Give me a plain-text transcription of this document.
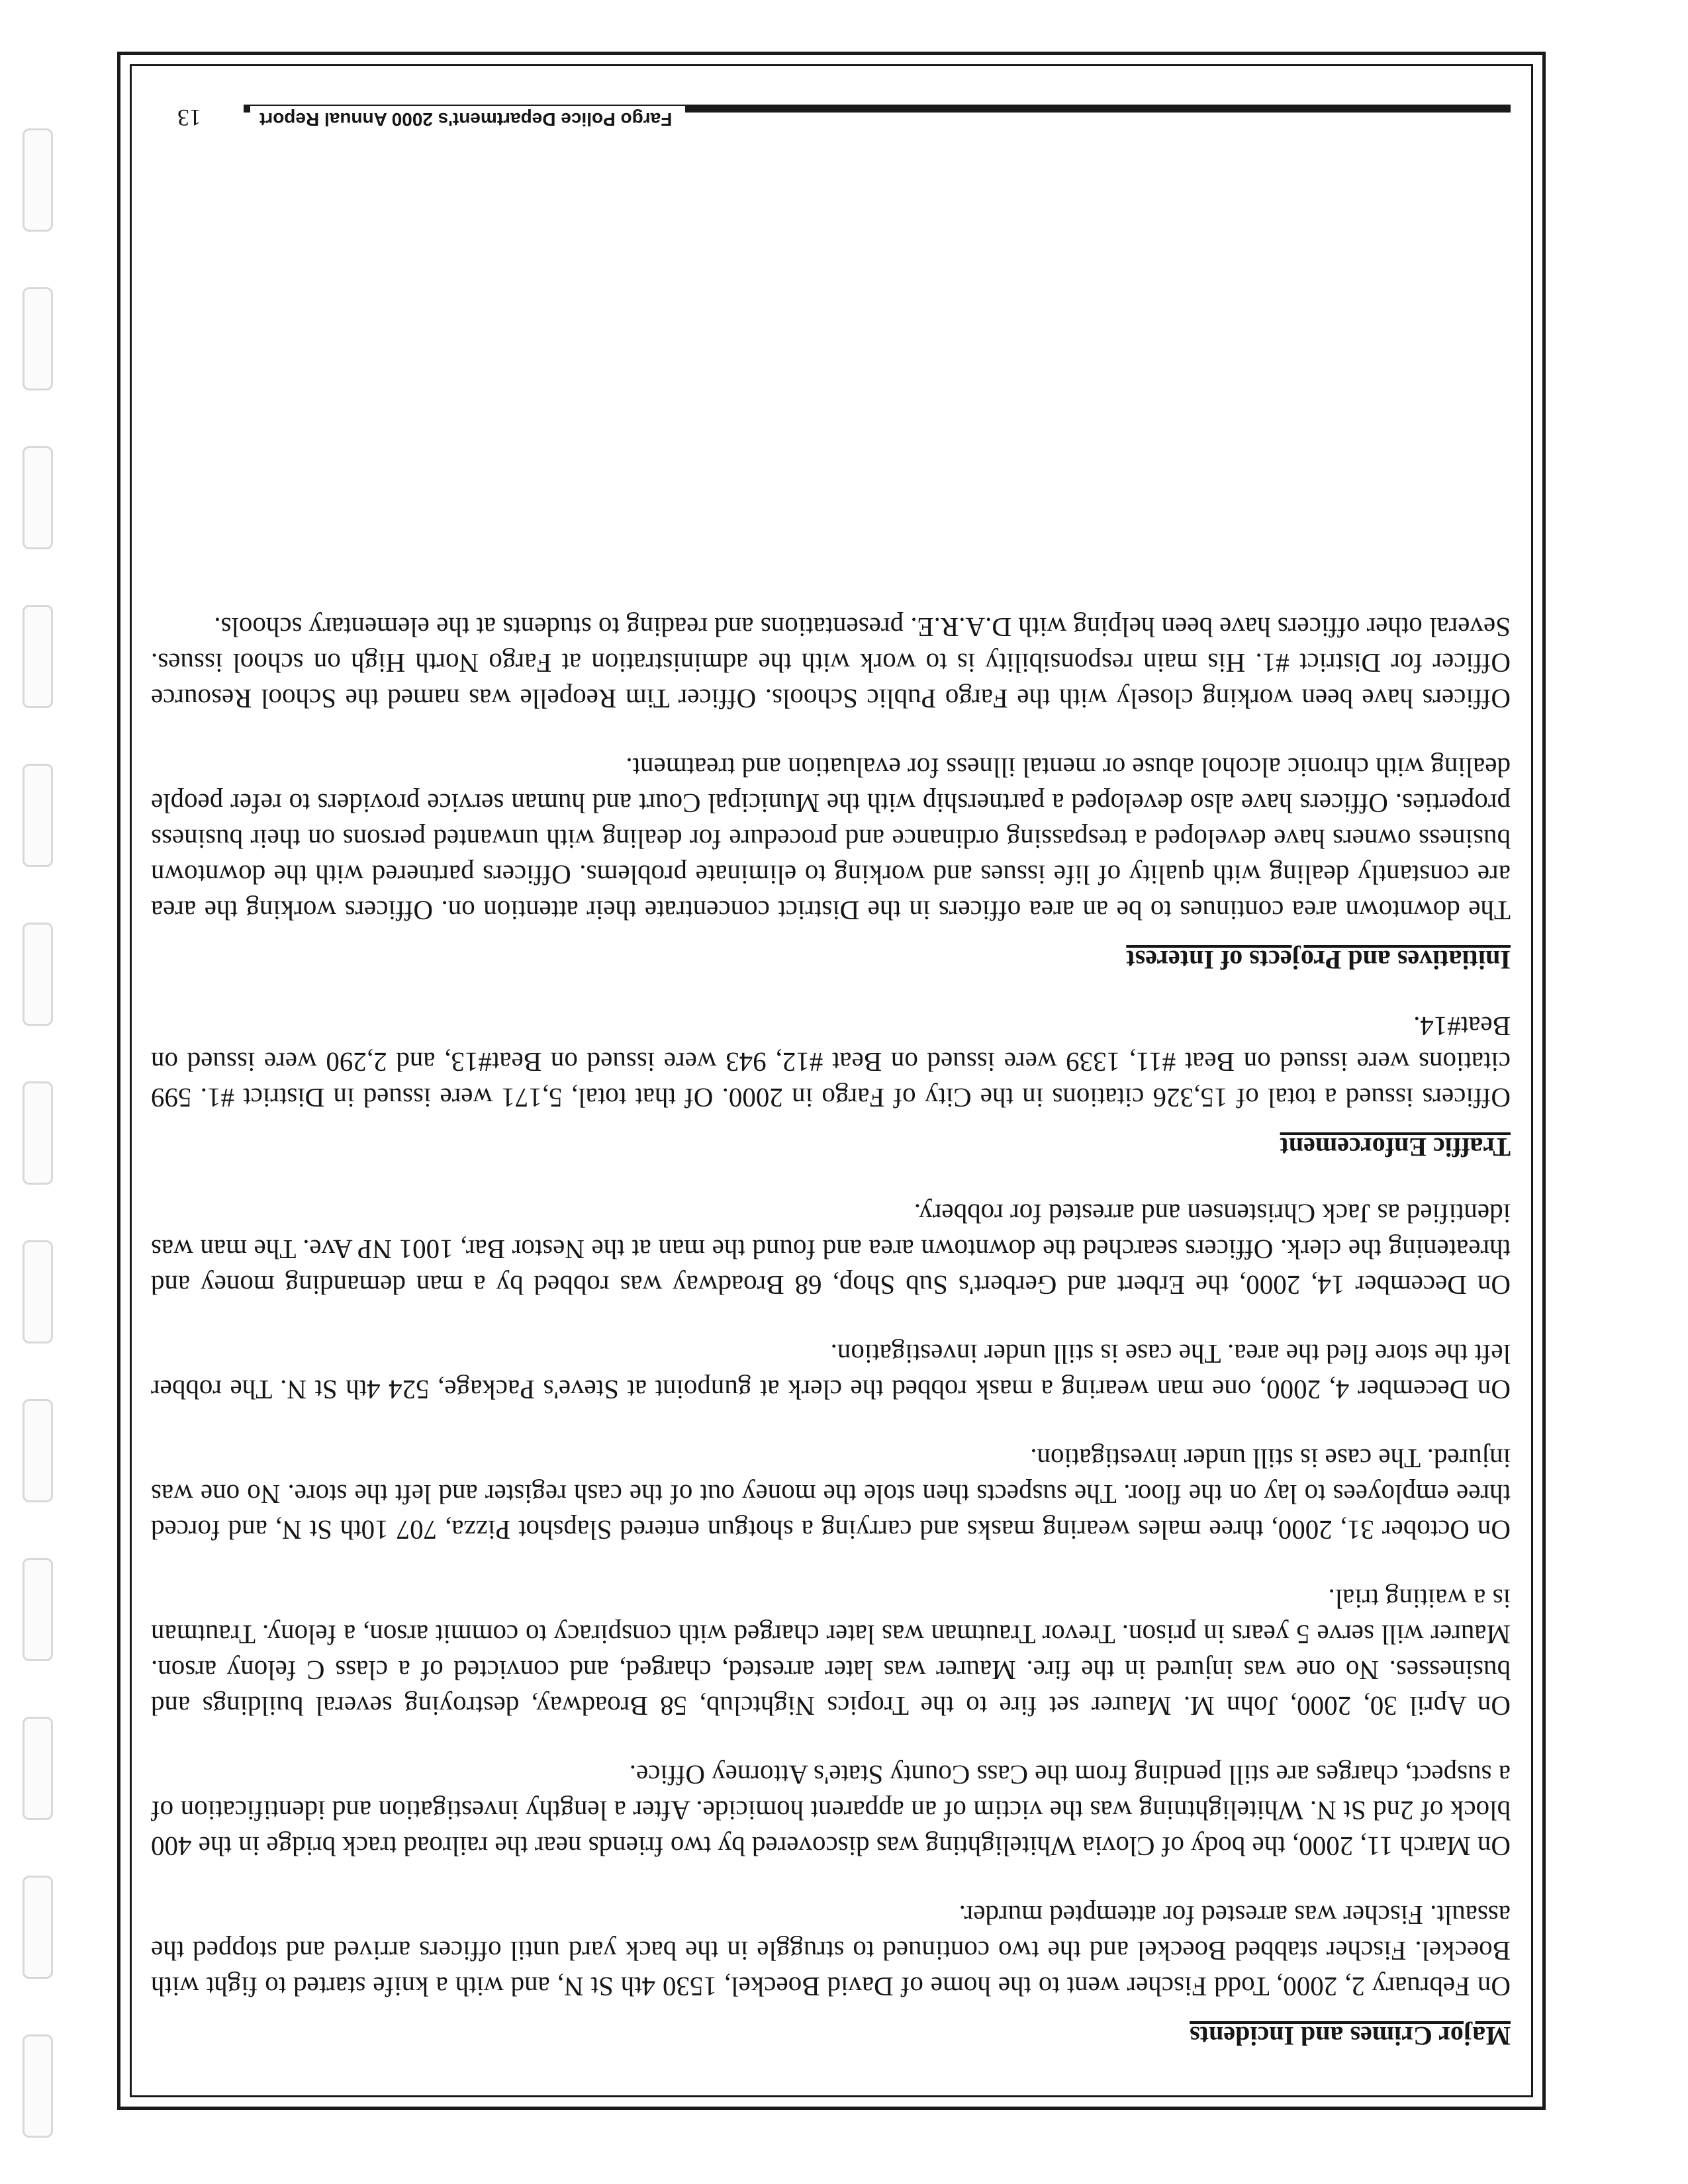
Major Crimes and Incidents

On February 2, 2000, Todd Fischer went to the home of David Boeckel, 1530 4th St N, and with a knife started to fight with Boeckel. Fischer stabbed Boeckel and the two continued to struggle in the back yard until officers arrived and stopped the assault. Fischer was arrested for attempted murder.

On March 11, 2000, the body of Clovia Whitelighting was discovered by two friends near the railroad track bridge in the 400 block of 2nd St N. Whitelightning was the victim of an apparent homicide. After a lengthy investigation and identification of a suspect, charges are still pending from the Cass County State's Attorney Office.

On April 30, 2000, John M. Maurer set fire to the Tropics Nightclub, 58 Broadway, destroying several buildings and businesses. No one was injured in the fire. Maurer was later arrested, charged, and convicted of a class C felony arson. Maurer will serve 5 years in prison. Trevor Trautman was later charged with conspiracy to commit arson, a felony. Trautman is a waiting trial.

On October 31, 2000, three males wearing masks and carrying a shotgun entered Slapshot Pizza, 707 10th St N, and forced three employees to lay on the floor. The suspects then stole the money out of the cash register and left the store. No one was injured. The case is still under investigation.

On December 4, 2000, one man wearing a mask robbed the clerk at gunpoint at Steve's Package, 524 4th St N. The robber left the store fled the area. The case is still under investigation.

On December 14, 2000, the Erbert and Gerbert's Sub Shop, 68 Broadway was robbed by a man demanding money and threatening the clerk. Officers searched the downtown area and found the man at the Nestor Bar, 1001 NP Ave. The man was identified as Jack Christensen and arrested for robbery.

Traffic Enforcement

Officers issued a total of 15,326 citations in the City of Fargo in 2000. Of that total, 5,171 were issued in District #1. 599 citations were issued on Beat #11, 1339 were issued on Beat #12, 943 were issued on Beat#13, and 2,290 were issued on Beat#14.

Initiatives and Projects of Interest

The downtown area continues to be an area officers in the District concentrate their attention on. Officers working the area are constantly dealing with quality of life issues and working to eliminate problems. Officers partnered with the downtown business owners have developed a trespassing ordinance and procedure for dealing with unwanted persons on their business properties. Officers have also developed a partnership with the Municipal Court and human service providers to refer people dealing with chronic alcohol abuse or mental illness for evaluation and treatment.

Officers have been working closely with the Fargo Public Schools. Officer Tim Reopelle was named the School Resource Officer for District #1. His main responsibility is to work with the administration at Fargo North High on school issues. Several other officers have been helping with D.A.R.E. presentations and reading to students at the elementary schools.

Fargo Police Department's 2000 Annual Report
13
